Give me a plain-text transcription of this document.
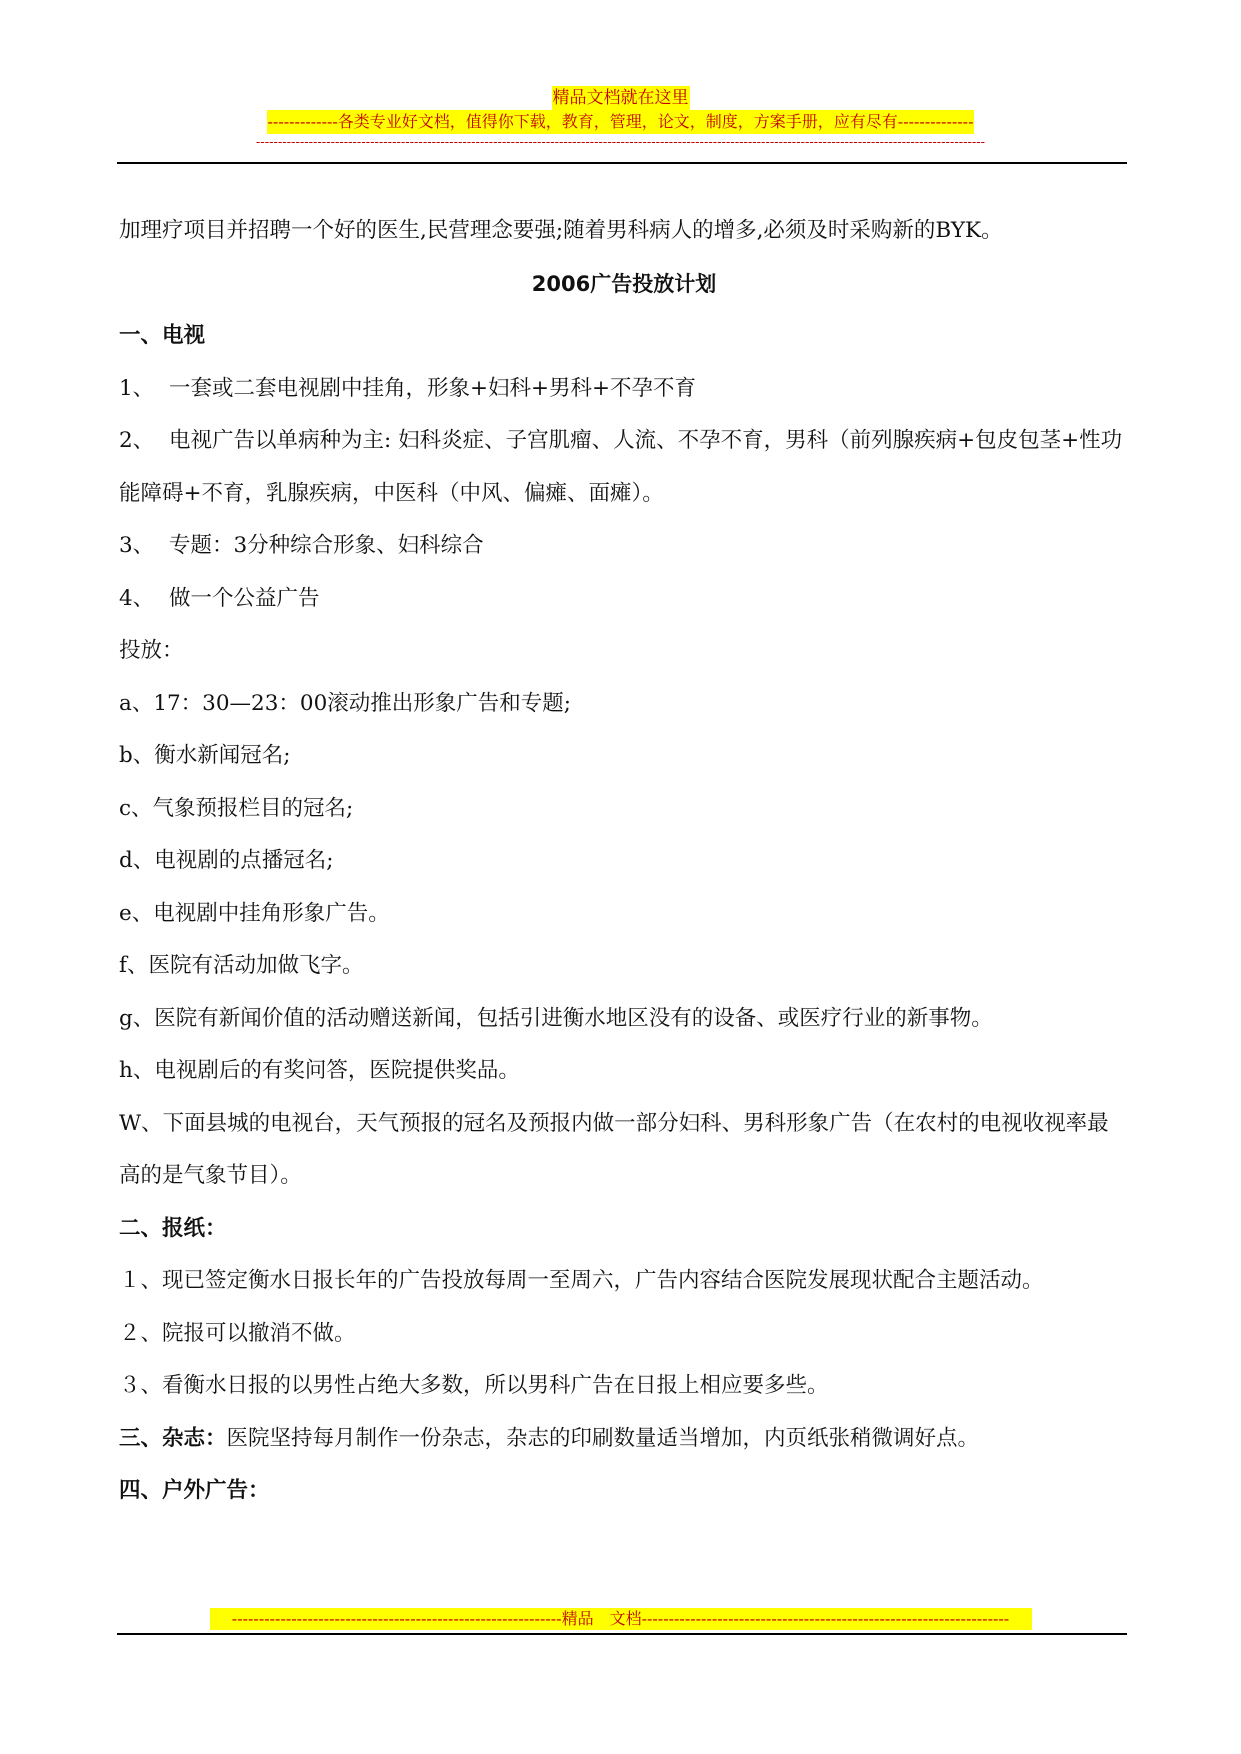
精品文档就在这里
-------------各类专业好文档，值得你下载，教育，管理，论文，制度，方案手册，应有尽有--------------
----------------------------------------------------------------------------------------------------------------------------------------------------------------------

加理疗项目并招聘一个好的医生,民营理念要强;随着男科病人的增多,必须及时采购新的BYK。

2006广告投放计划

一、电视

1、 一套或二套电视剧中挂角，形象+妇科+男科+不孕不育

2、 电视广告以单病种为主: 妇科炎症、子宫肌瘤、人流、不孕不育，男科（前列腺疾病+包皮包茎+性功能障碍+不育，乳腺疾病，中医科（中风、偏瘫、面瘫）。

3、 专题：3分种综合形象、妇科综合

4、 做一个公益广告

投放：

a、17：30—23：00滚动推出形象广告和专题;

b、衡水新闻冠名;

c、气象预报栏目的冠名;

d、电视剧的点播冠名;

e、电视剧中挂角形象广告。

f、医院有活动加做飞字。

g、医院有新闻价值的活动赠送新闻，包括引进衡水地区没有的设备、或医疗行业的新事物。

h、电视剧后的有奖问答，医院提供奖品。

W、下面县城的电视台，天气预报的冠名及预报内做一部分妇科、男科形象广告（在农村的电视收视率最高的是气象节目）。

二、报纸：

１、现已签定衡水日报长年的广告投放每周一至周六，广告内容结合医院发展现状配合主题活动。

２、院报可以撤消不做。

３、看衡水日报的以男性占绝大多数，所以男科广告在日报上相应要多些。

三、杂志：医院坚持每月制作一份杂志，杂志的印刷数量适当增加，内页纸张稍微调好点。

四、户外广告：

-------------------------------------------------------------精品　文档--------------------------------------------------------------------
